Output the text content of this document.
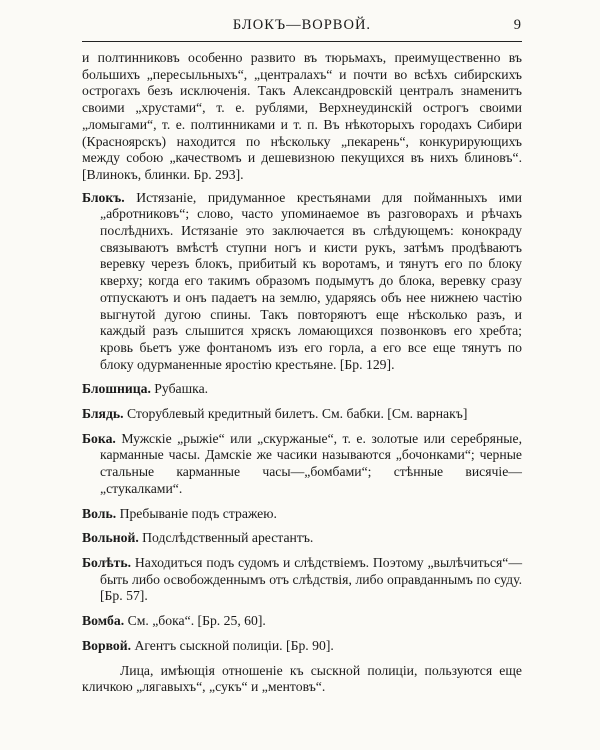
БЛОКЪ—ВОРВОЙ.	9

и полтинниковъ особенно развито въ тюрьмахъ, преимущественно въ большихъ „пересыльныхъ“, „централахъ“ и почти во всѣхъ сибирскихъ острогахъ безъ исключенія. Такъ Александровскій централъ знаменитъ своими „хрустами“, т. е. рублями, Верхнеудинскій острогъ своими „ломыгами“, т. е. полтинниками и т. п. Въ нѣкоторыхъ городахъ Сибири (Красноярскъ) находится по нѣскольку „пекарень“, конкурирующихъ между собою „качествомъ и дешевизною пекущихся въ нихъ блиновъ“. [Влинокъ, блинки. Бр. 293].

Блокъ. Истязаніе, придуманное крестьянами для пойманныхъ ими „абротниковъ“; слово, часто упоминаемое въ разговорахъ и рѣчахъ послѣднихъ. Истязаніе это заключается въ слѣдующемъ: конокраду связываютъ вмѣстѣ ступни ногъ и кисти рукъ, затѣмъ продѣваютъ веревку черезъ блокъ, прибитый къ воротамъ, и тянутъ его по блоку кверху; когда его такимъ образомъ подымутъ до блока, веревку сразу отпускаютъ и онъ падаетъ на землю, ударяясь объ нее нижнею частію выгнутой дугою спины. Такъ повторяютъ еще нѣсколько разъ, и каждый разъ слышится хряскъ ломающихся позвонковъ его хребта; кровь бьетъ уже фонтаномъ изъ его горла, а его все еще тянутъ по блоку одурманенные яростію крестьяне. [Бр. 129].

Блошница. Рубашка.

Блядь. Сторублевый кредитный билетъ. См. бабки. [См. варнакъ]

Бока. Мужскіе „рыжіе“ или „скуржаные“, т. е. золотые или серебряные, карманные часы. Дамскіе же часики называются „бочонками“; черные стальные карманные часы—„бомбами“; стѣнные висячіе—„стукалками“.

Воль. Пребываніе подъ стражею.

Вольной. Подслѣдственный арестантъ.

Болѣть. Находиться подъ судомъ и слѣдствіемъ. Поэтому „вылѣчиться“—быть либо освобожденнымъ отъ слѣдствія, либо оправданнымъ по суду. [Бр. 57].

Вомба. См. „бока“. [Бр. 25, 60].

Ворвой. Агентъ сыскной полиціи. [Бр. 90].

Лица, имѣющія отношеніе къ сыскной полиціи, пользуются еще кличкою „лягавыхъ“, „сукъ“ и „ментовъ“.
